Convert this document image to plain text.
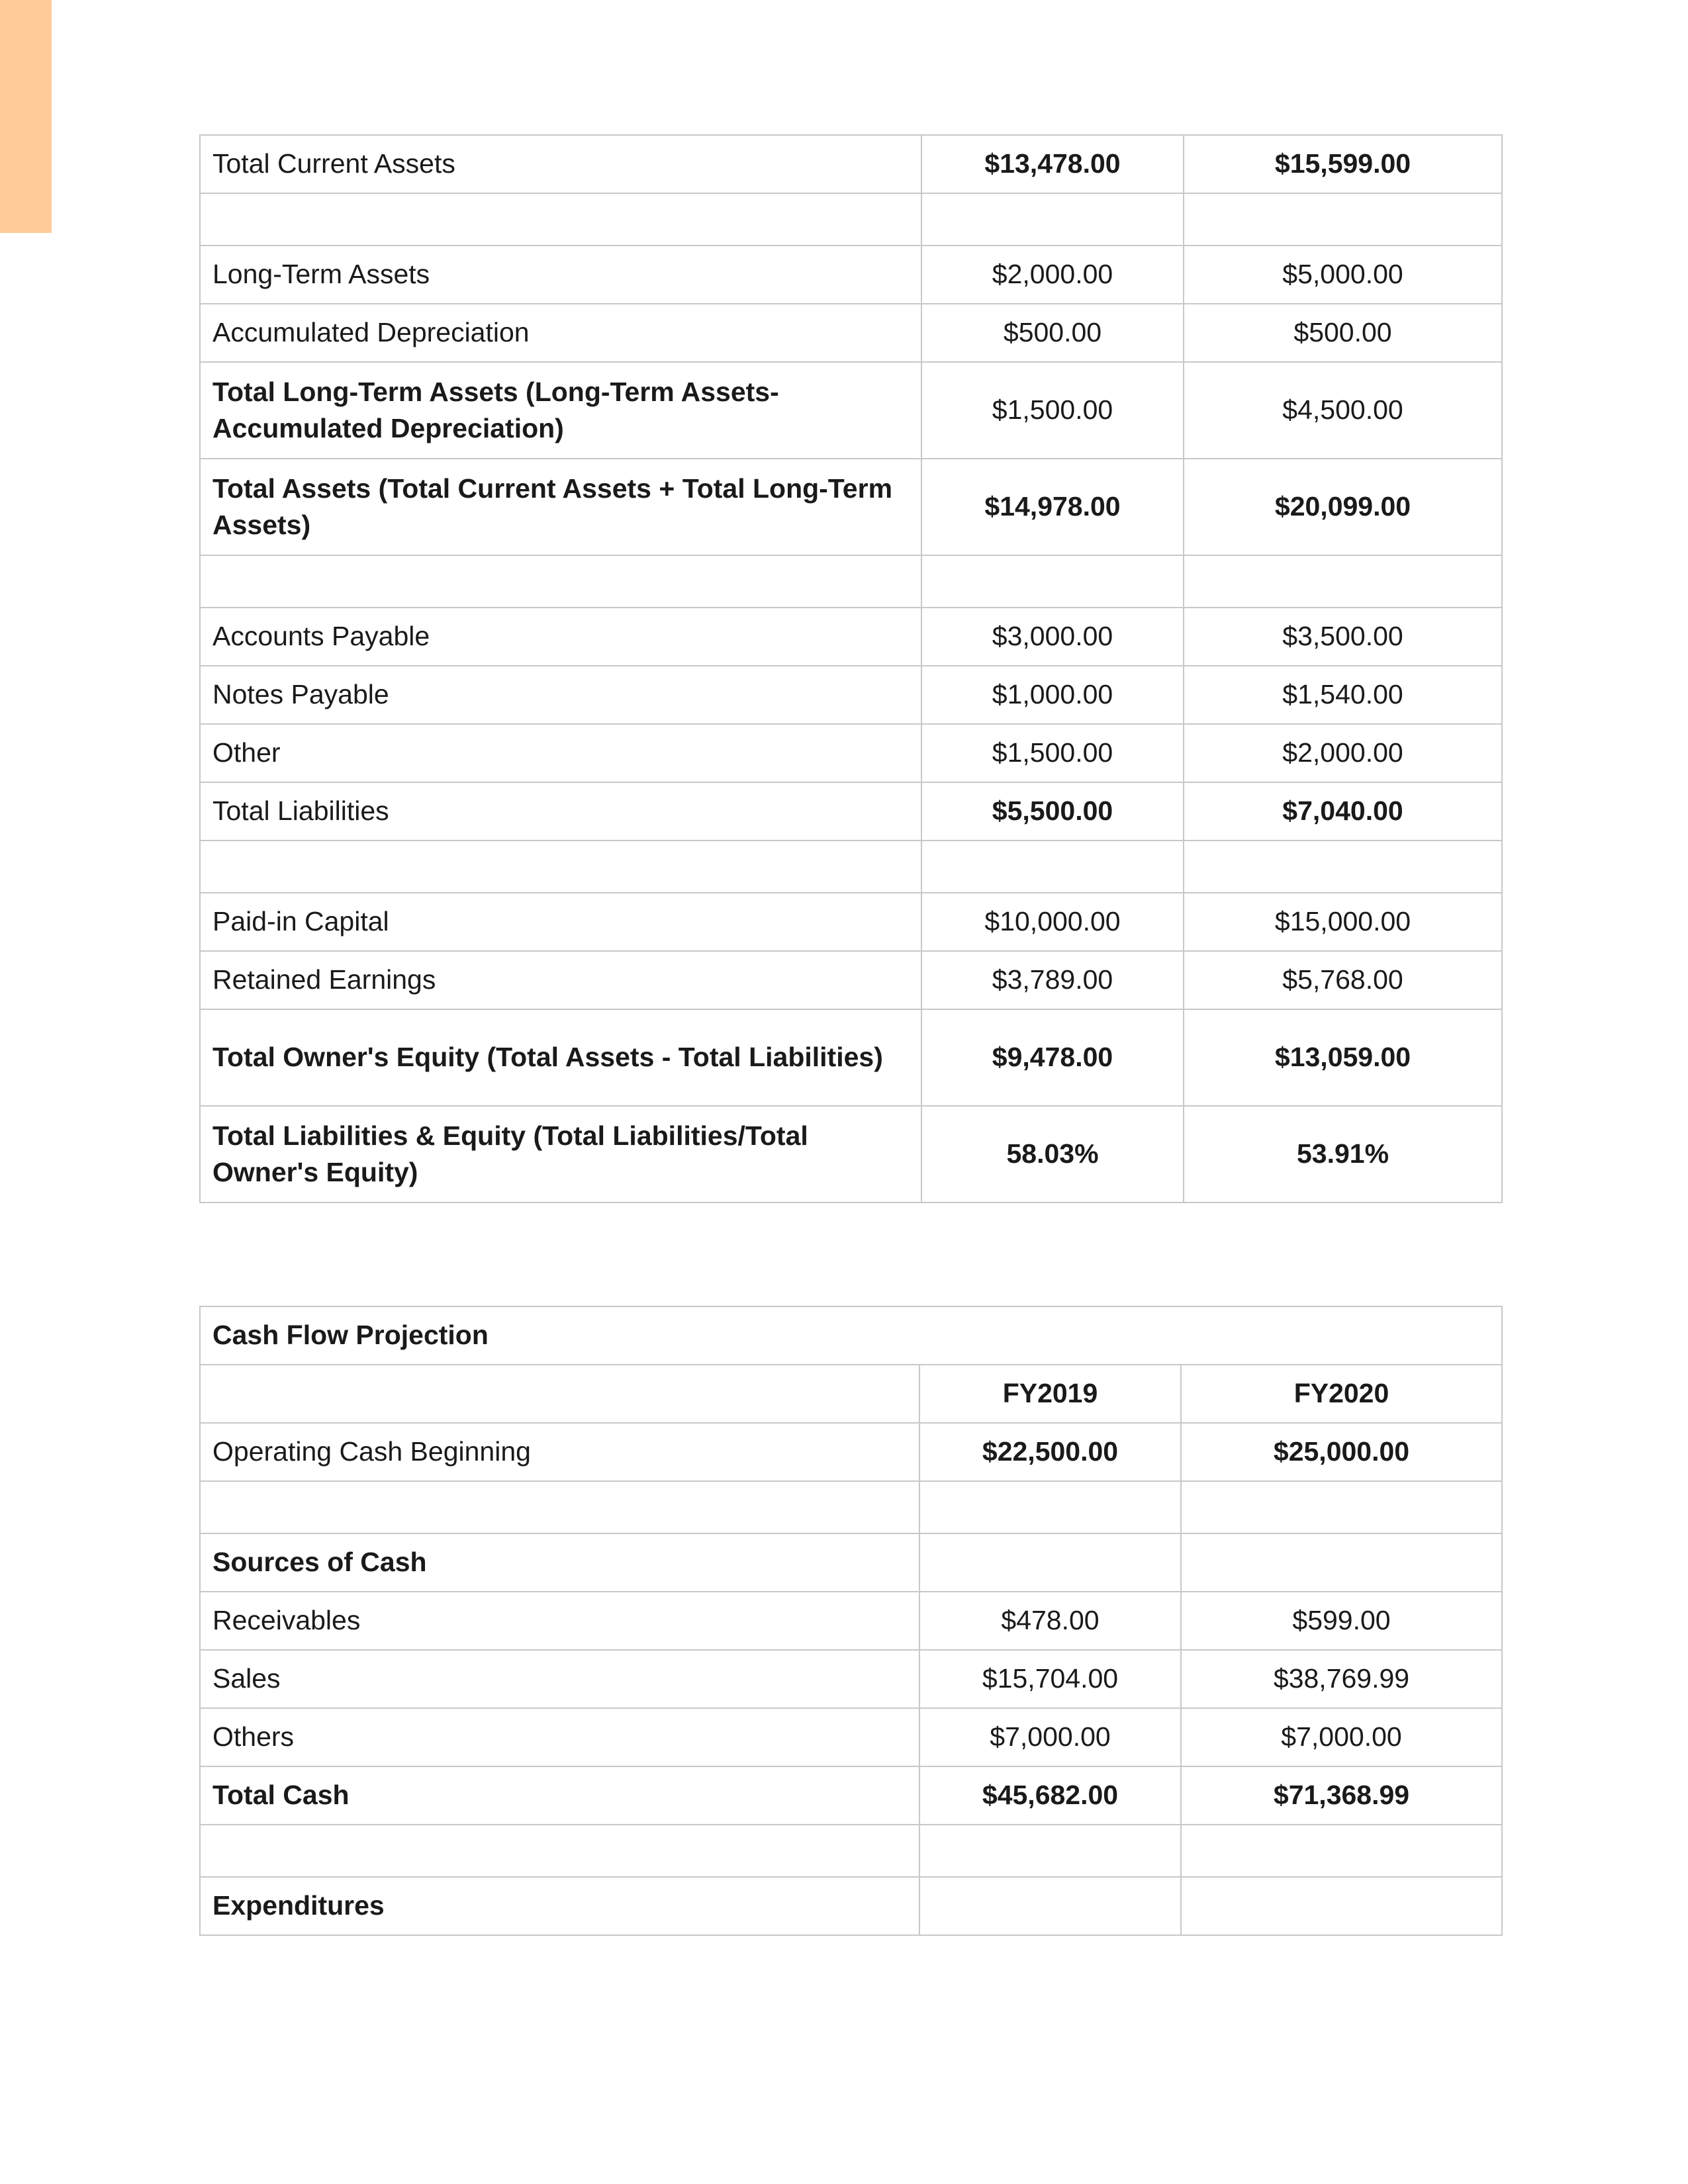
Total Current Assets	$13,478.00	$15,599.00

Long-Term Assets	$2,000.00	$5,000.00
Accumulated Depreciation	$500.00	$500.00
Total Long-Term Assets (Long-Term Assets-Accumulated Depreciation)	$1,500.00	$4,500.00
Total Assets (Total Current Assets + Total Long-Term Assets)	$14,978.00	$20,099.00

Accounts Payable	$3,000.00	$3,500.00
Notes Payable	$1,000.00	$1,540.00
Other	$1,500.00	$2,000.00
Total Liabilities	$5,500.00	$7,040.00

Paid-in Capital	$10,000.00	$15,000.00
Retained Earnings	$3,789.00	$5,768.00
Total Owner's Equity (Total Assets - Total Liabilities)	$9,478.00	$13,059.00
Total Liabilities & Equity (Total Liabilities/Total Owner's Equity)	58.03%	53.91%
Cash Flow Projection		
	FY2019	FY2020
Operating Cash Beginning	$22,500.00	$25,000.00

Sources of Cash		
Receivables	$478.00	$599.00
Sales	$15,704.00	$38,769.99
Others	$7,000.00	$7,000.00
Total Cash	$45,682.00	$71,368.99

Expenditures		
